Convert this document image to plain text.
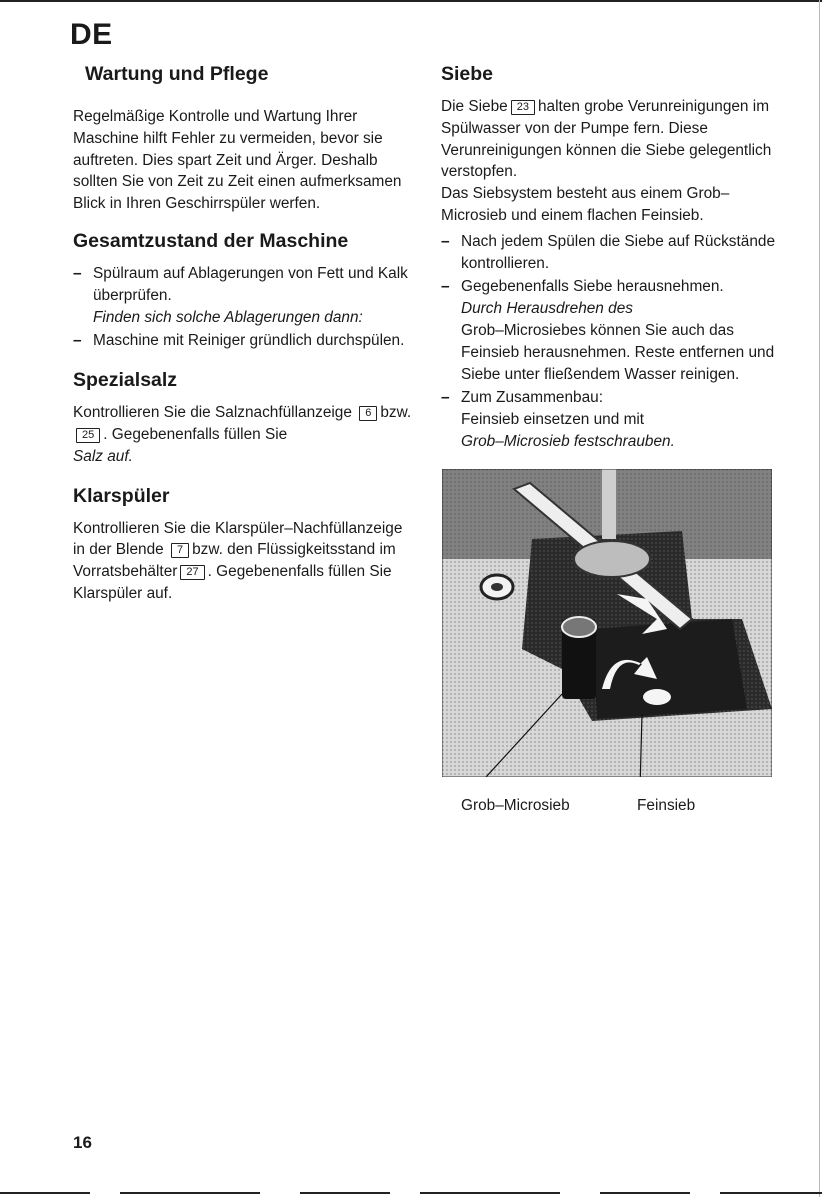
DE
Wartung und Pflege

Regelmäßige Kontrolle und Wartung Ihrer Maschine hilft Fehler zu vermeiden, bevor sie auftreten. Dies spart Zeit und Ärger. Deshalb sollten Sie von Zeit zu Zeit einen aufmerksamen Blick in Ihren Geschirrspüler werfen.

Gesamtzustand der Maschine
– Spülraum auf Ablagerungen von Fett und Kalk überprüfen.
Finden sich solche Ablagerungen dann:
– Maschine mit Reiniger gründlich durchspülen.
Spezialsalz

Kontrollieren Sie die Salznachfüllanzeige 6 bzw.25 . Gegebenenfalls füllen Sie
Salz auf.

Klarspüler

Kontrollieren Sie die Klarspüler–Nachfüllanzeige in der Blende 7 bzw. den Flüssigkeitsstand im Vorratsbehälter 27 . Gegebenenfalls füllen Sie Klarspüler auf.

Siebe

Die Siebe 23 halten grobe Verunreinigungen im Spülwasser von der Pumpe fern. Diese Verunreinigungen können die Siebe gelegentlich verstopfen.

Das Siebsystem besteht aus einem Grob–Microsieb und einem flachen Feinsieb.

– Nach jedem Spülen die Siebe auf Rückstände kontrollieren.
– Gegebenenfalls Siebe herausnehmen.
Durch Herausdrehen des
Grob–Microsiebes können Sie auch das Feinsieb herausnehmen. Reste entfernen und Siebe unter fließendem Wasser reinigen.
– Zum Zusammenbau:
Feinsieb einsetzen und mit
Grob–Microsieb festschrauben.
Grob–Microsieb	Feinsieb
16
